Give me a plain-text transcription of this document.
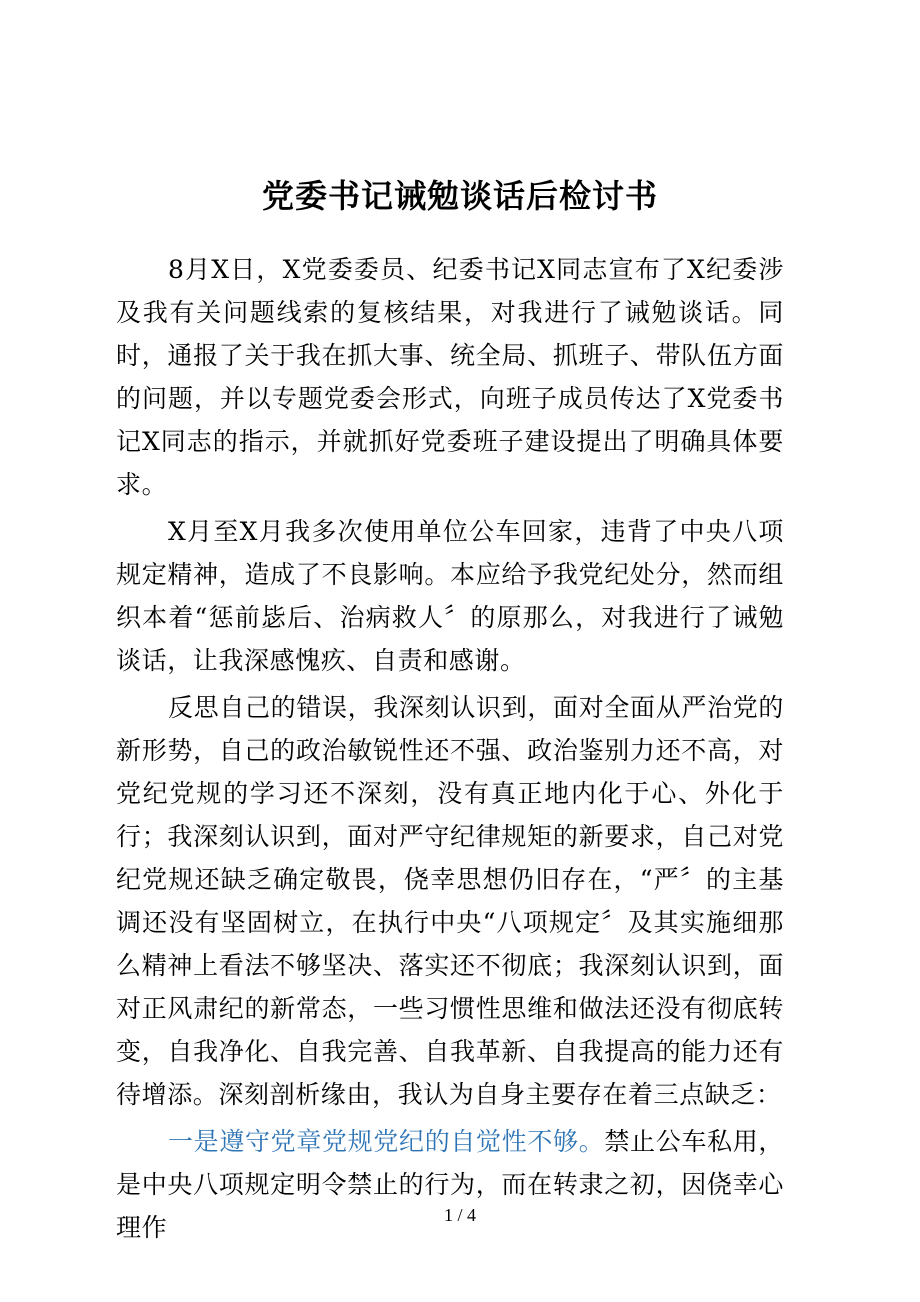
党委书记诫勉谈话后检讨书

8月X日，X党委委员、纪委书记X同志宣布了X纪委涉及我有关问题线索的复核结果，对我进行了诫勉谈话。同时，通报了关于我在抓大事、统全局、抓班子、带队伍方面的问题，并以专题党委会形式，向班子成员传达了X党委书记X同志的指示，并就抓好党委班子建设提出了明确具体要求。

X月至X月我多次使用单位公车回家，违背了中央八项规定精神，造成了不良影响。本应给予我党纪处分，然而组织本着“惩前毖后、治病救人〞的原那么，对我进行了诫勉谈话，让我深感愧疚、自责和感谢。

反思自己的错误，我深刻认识到，面对全面从严治党的新形势，自己的政治敏锐性还不强、政治鉴别力还不高，对党纪党规的学习还不深刻，没有真正地内化于心、外化于行；我深刻认识到，面对严守纪律规矩的新要求，自己对党纪党规还缺乏确定敬畏，侥幸思想仍旧存在，“严〞的主基调还没有坚固树立，在执行中央“八项规定〞及其实施细那么精神上看法不够坚决、落实还不彻底；我深刻认识到，面对正风肃纪的新常态，一些习惯性思维和做法还没有彻底转变，自我净化、自我完善、自我革新、自我提高的能力还有待增添。深刻剖析缘由，我认为自身主要存在着三点缺乏：

一是遵守党章党规党纪的自觉性不够。禁止公车私用，是中央八项规定明令禁止的行为，而在转隶之初，因侥幸心理作	1 / 4
